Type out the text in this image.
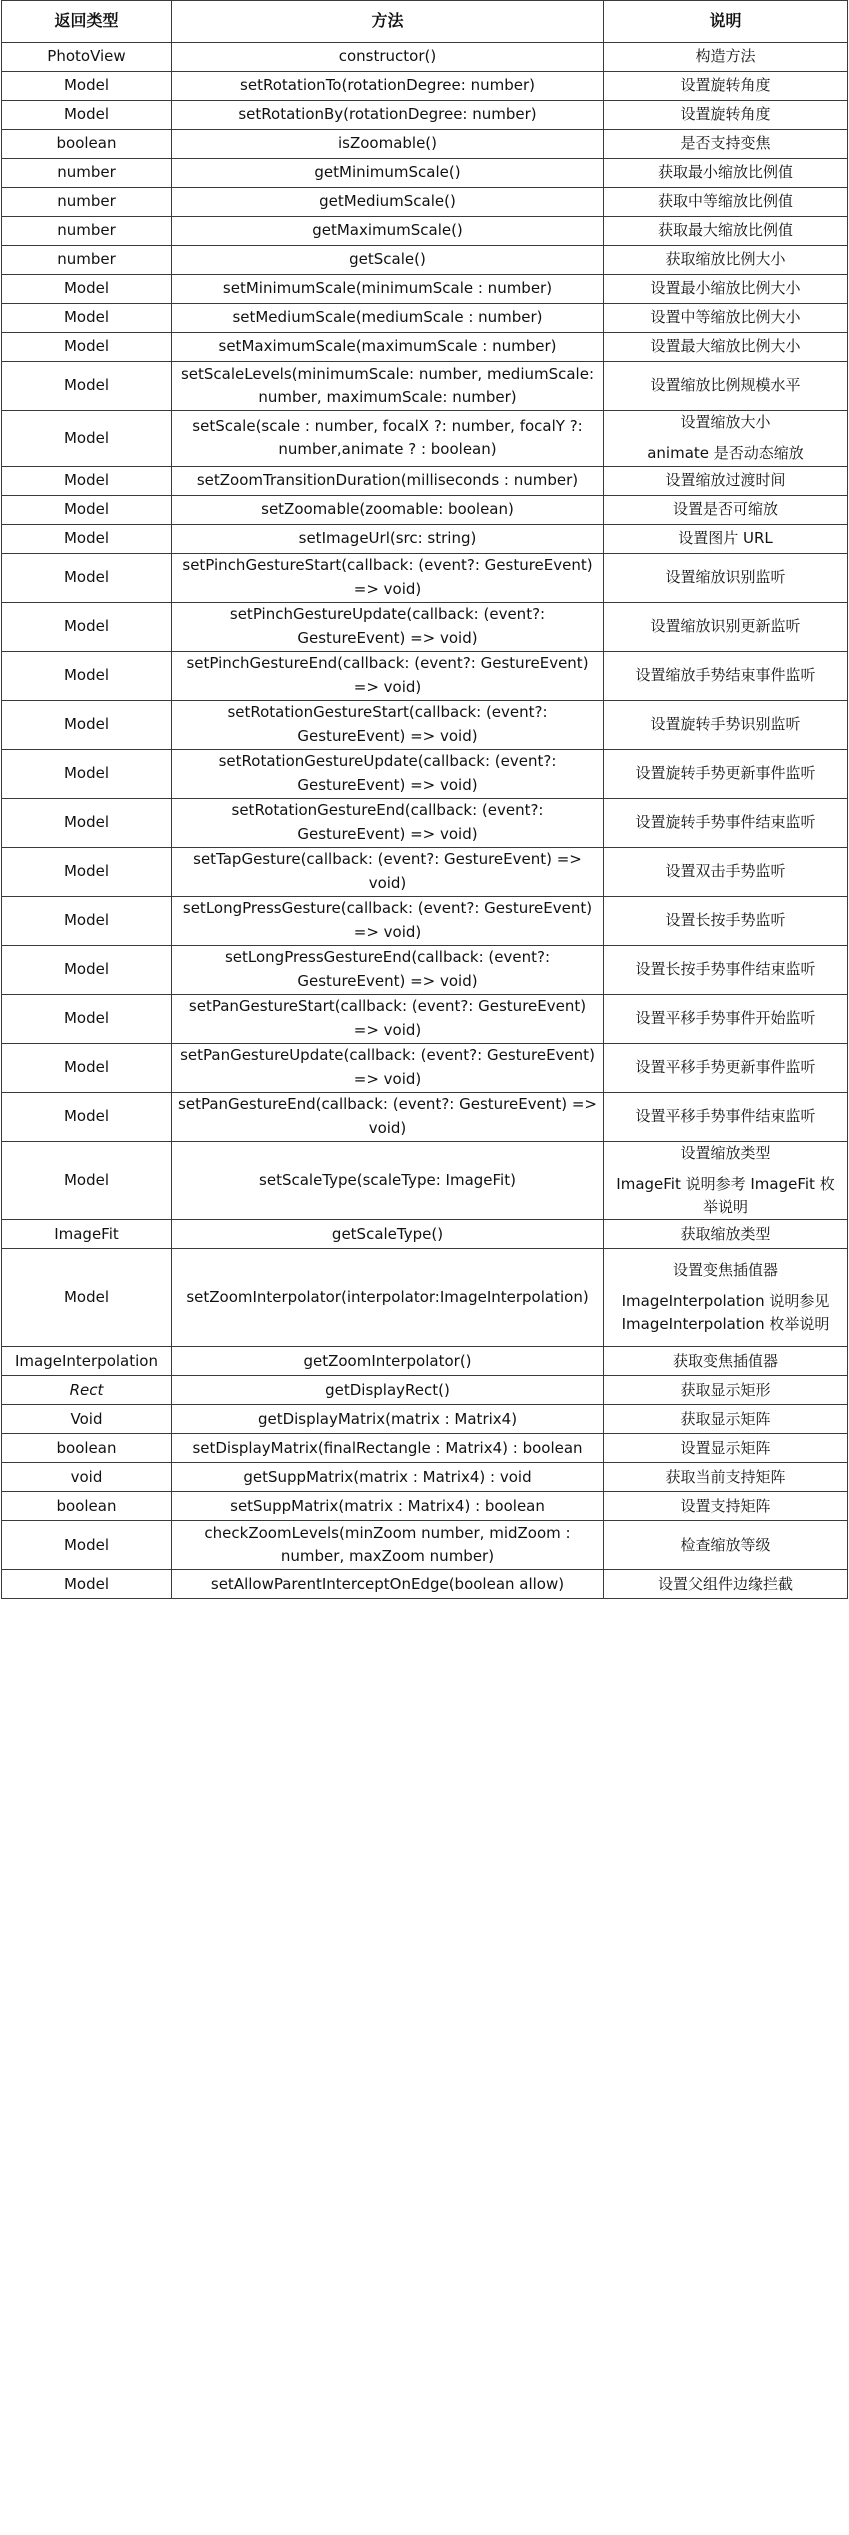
返回类型	方法	说明
PhotoView	constructor()	构造方法

Model	setRotationTo(rotationDegree: number)	设置旋转角度

Model	setRotationBy(rotationDegree: number)	设置旋转角度

boolean	isZoomable()	是否支持变焦

number	getMinimumScale()	获取最小缩放比例值

number	getMediumScale()	获取中等缩放比例值

number	getMaximumScale()	获取最大缩放比例值

number	getScale()	获取缩放比例大小

Model	setMinimumScale(minimumScale : number)	设置最小缩放比例大小

Model	setMediumScale(mediumScale : number)	设置中等缩放比例大小

Model	setMaximumScale(maximumScale : number)	设置最大缩放比例大小

Model	setScaleLevels(minimumScale: number, mediumScale: number, maximumScale: number)	设置缩放比例规模水平

Model	setScale(scale : number, focalX ?: number, focalY ?: number,animate ? : boolean)	设置缩放大小
animate 是否动态缩放

Model	setZoomTransitionDuration(milliseconds : number)	设置缩放过渡时间

Model	setZoomable(zoomable: boolean)	设置是否可缩放

Model	setImageUrl(src: string)	设置图片 URL

Model	setPinchGestureStart(callback: (event?: GestureEvent) => void)	设置缩放识别监听

Model	setPinchGestureUpdate(callback: (event?: GestureEvent) => void)	设置缩放识别更新监听

Model	setPinchGestureEnd(callback: (event?: GestureEvent) => void)	设置缩放手势结束事件监听

Model	setRotationGestureStart(callback: (event?: GestureEvent) => void)	设置旋转手势识别监听

Model	setRotationGestureUpdate(callback: (event?: GestureEvent) => void)	设置旋转手势更新事件监听

Model	setRotationGestureEnd(callback: (event?: GestureEvent) => void)	设置旋转手势事件结束监听

Model	setTapGesture(callback: (event?: GestureEvent) => void)	设置双击手势监听

Model	setLongPressGesture(callback: (event?: GestureEvent) => void)	设置长按手势监听

Model	setLongPressGestureEnd(callback: (event?: GestureEvent) => void)	设置长按手势事件结束监听

Model	setPanGestureStart(callback: (event?: GestureEvent) => void)	设置平移手势事件开始监听

Model	setPanGestureUpdate(callback: (event?: GestureEvent) => void)	设置平移手势更新事件监听

Model	setPanGestureEnd(callback: (event?: GestureEvent) => void)	设置平移手势事件结束监听

Model	setScaleType(scaleType: ImageFit)	设置缩放类型
ImageFit 说明参考 ImageFit 枚举说明

ImageFit	getScaleType()	获取缩放类型

Model	setZoomInterpolator(interpolator:ImageInterpolation)	设置变焦插值器
ImageInterpolation 说明参见 ImageInterpolation 枚举说明

ImageInterpolation	getZoomInterpolator()	获取变焦插值器

Rect	getDisplayRect()	获取显示矩形

Void	getDisplayMatrix(matrix : Matrix4)	获取显示矩阵

boolean	setDisplayMatrix(finalRectangle : Matrix4) : boolean	设置显示矩阵

void	getSuppMatrix(matrix : Matrix4) : void	获取当前支持矩阵

boolean	setSuppMatrix(matrix : Matrix4) : boolean	设置支持矩阵

Model	checkZoomLevels(minZoom number, midZoom : number, maxZoom number)	检查缩放等级

Model	setAllowParentInterceptOnEdge(boolean allow)	设置父组件边缘拦截
